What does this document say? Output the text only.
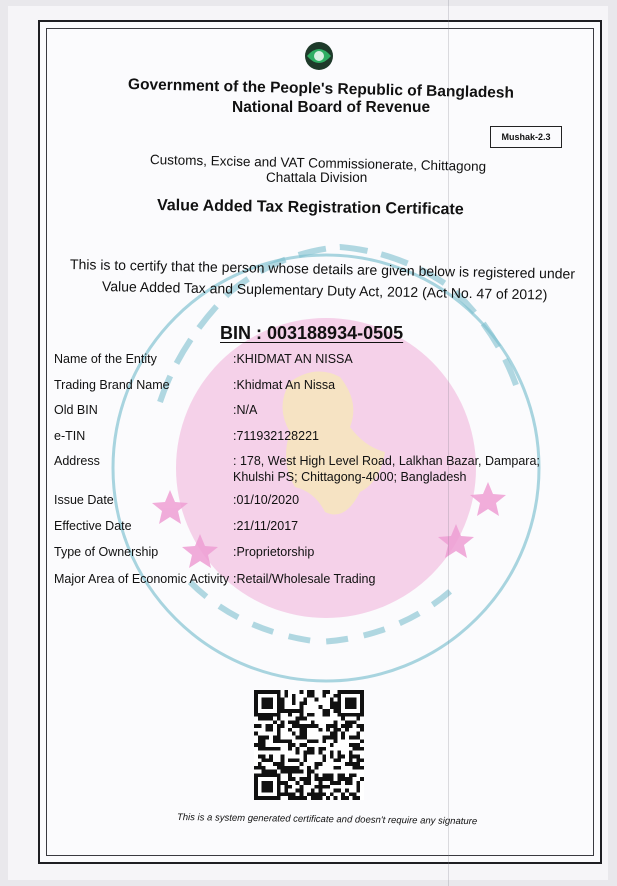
Government of the People's Republic of Bangladesh
National Board of Revenue
Mushak-2.3
Customs, Excise and VAT Commissionerate, Chittagong
Chattala Division
Value Added Tax Registration Certificate
This is to certify that the person whose details are given below is registered under
Value Added Tax and Suplementary Duty Act, 2012 (Act No. 47 of 2012)
BIN : 003188934-0505
Name of the Entity	:KHIDMAT AN NISSA
Trading Brand Name	:Khidmat An Nissa
Old BIN	:N/A
e-TIN	:711932128221
Address	: 178, West High Level Road, Lalkhan Bazar, Dampara;
Khulshi PS; Chittagong-4000; Bangladesh
Issue Date	:01/10/2020
Effective Date	:21/11/2017
Type of Ownership	:Proprietorship
Major Area of Economic Activity :Retail/Wholesale Trading
This is a system generated certificate and doesn't require any signature
